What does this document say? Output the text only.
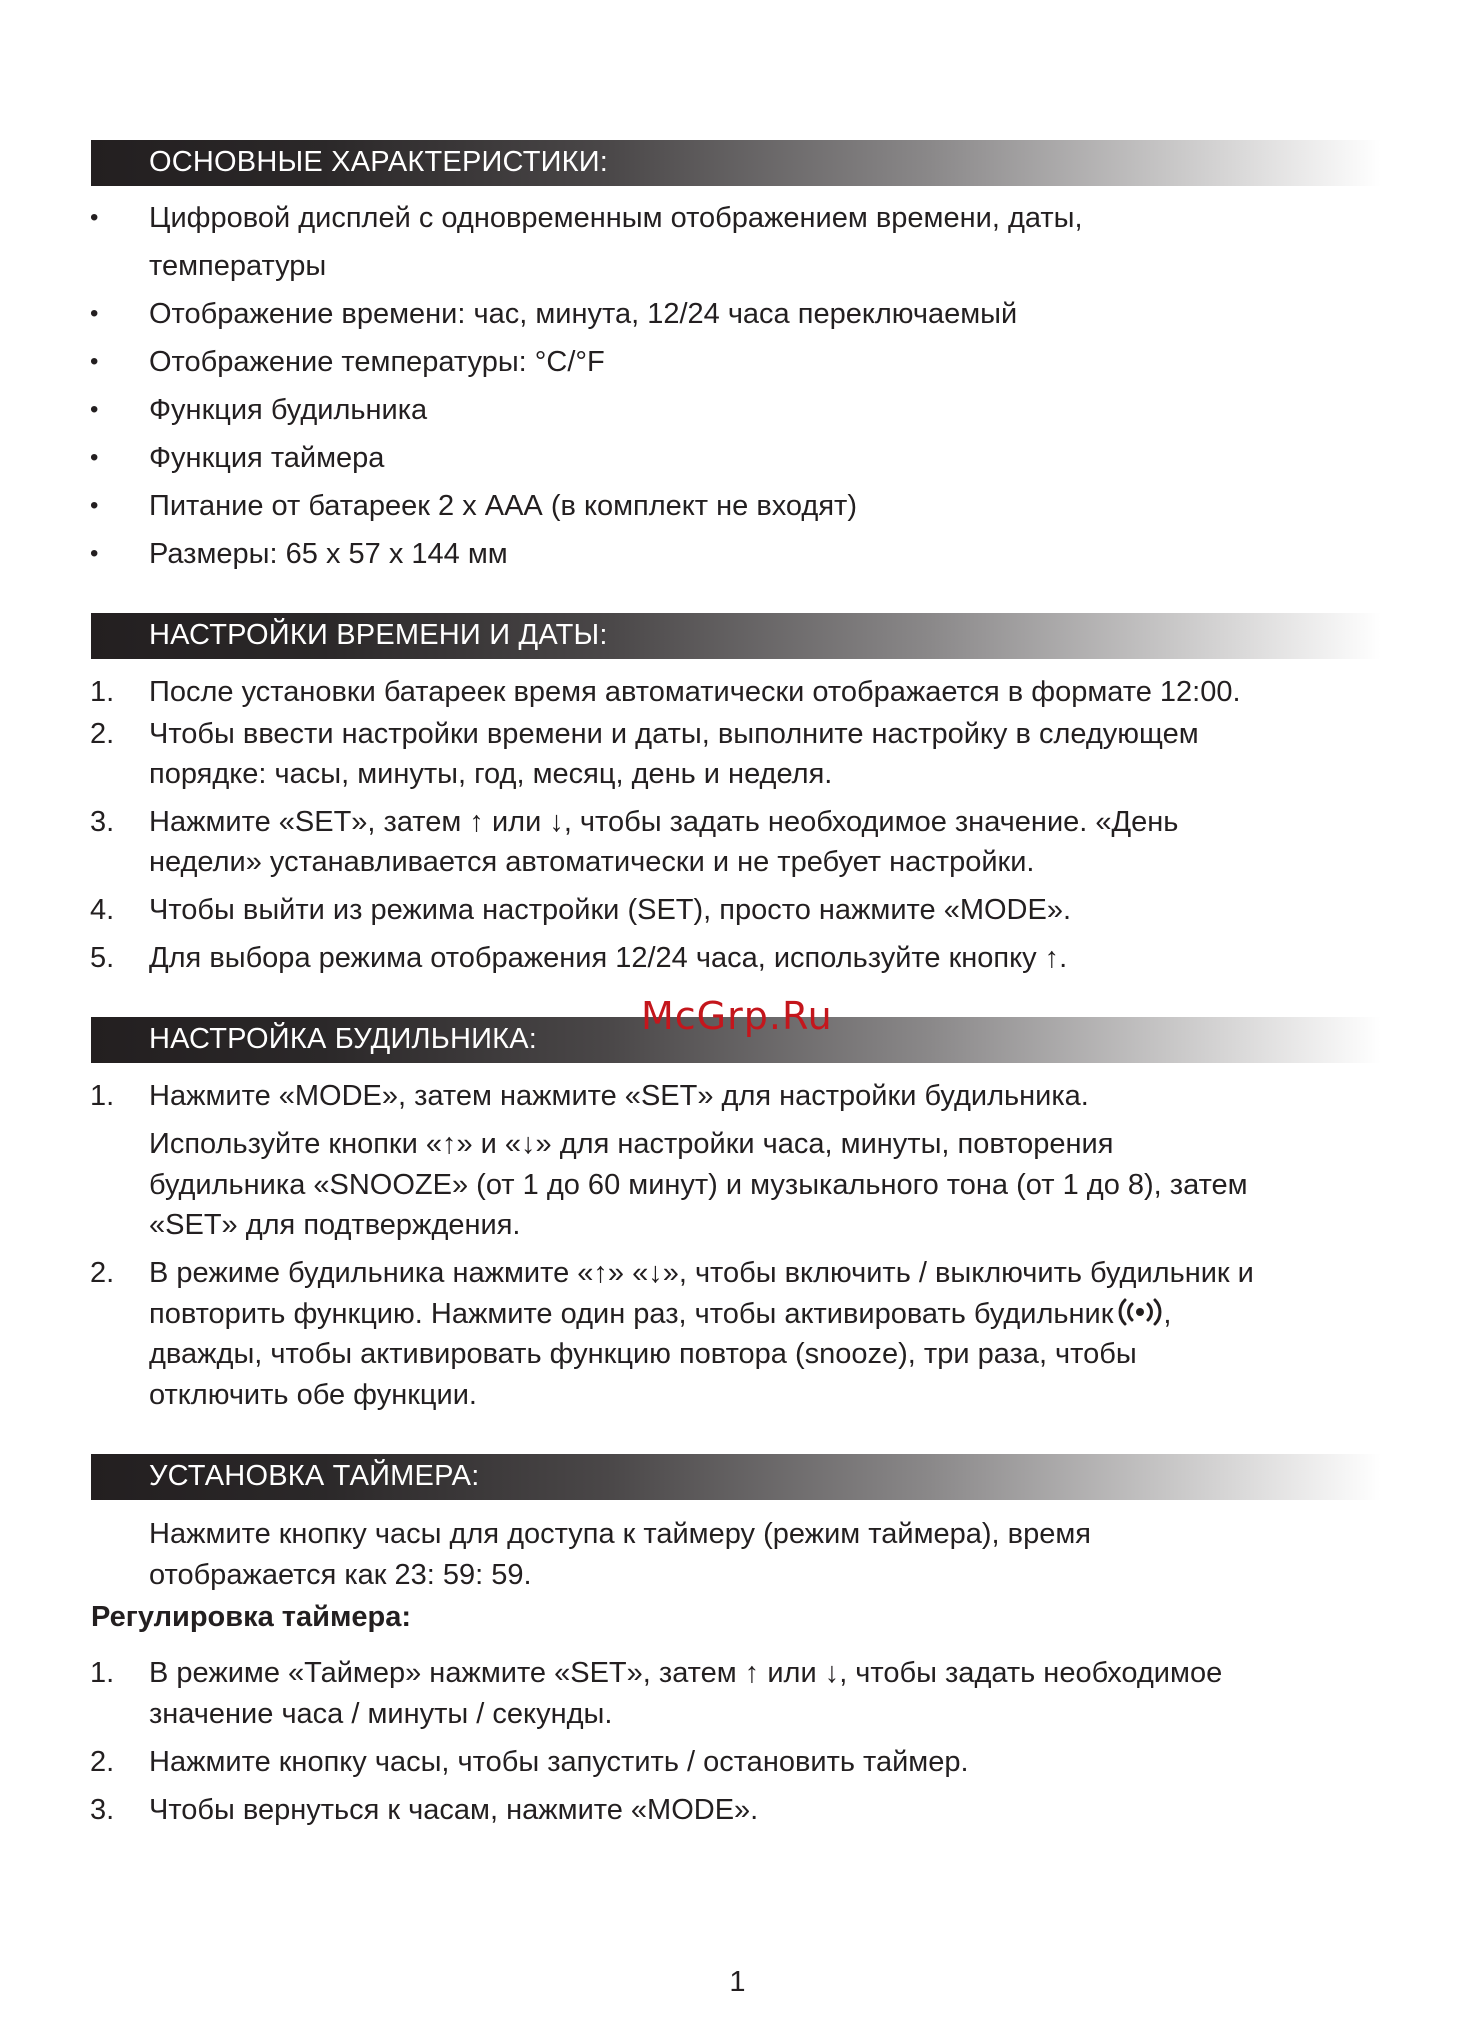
ОСНОВНЫЕ ХАРАКТЕРИСТИКИ:
• Цифровой дисплей с одновременным отображением времени, даты,
температуры
• Отображение времени: час, минута, 12/24 часа переключаемый
• Отображение температуры: °C/°F
• Функция будильника
• Функция таймера
• Питание от батареек 2 х ААА (в комплект не входят)
• Размеры: 65 х 57 х 144 мм
НАСТРОЙКИ ВРЕМЕНИ И ДАТЫ:
1. После установки батареек время автоматически отображается в формате 12:00.
2. Чтобы ввести настройки времени и даты, выполните настройку в следующем
порядке: часы, минуты, год, месяц, день и неделя.
3. Нажмите «SET», затем ↑ или ↓, чтобы задать необходимое значение. «День
недели» устанавливается автоматически и не требует настройки.
4. Чтобы выйти из режима настройки (SET), просто нажмите «MODE».
5. Для выбора режима отображения 12/24 часа, используйте кнопку ↑.
НАСТРОЙКА БУДИЛЬНИКА:
1. Нажмите «MODE», затем нажмите «SET» для настройки будильника.
Используйте кнопки «↑» и «↓» для настройки часа, минуты, повторения
будильника «SNOOZE» (от 1 до 60 минут) и музыкального тона (от 1 до 8), затем
«SET» для подтверждения.
2. В режиме будильника нажмите «↑» «↓», чтобы включить / выключить будильник и
повторить функцию. Нажмите один раз, чтобы активировать будильник ,
дважды, чтобы активировать функцию повтора (snooze), три раза, чтобы
отключить обе функции.
УСТАНОВКА ТАЙМЕРА:
Нажмите кнопку часы для доступа к таймеру (режим таймера), время
отображается как 23: 59: 59.
Регулировка таймера:
1. В режиме «Таймер» нажмите «SET», затем ↑ или ↓, чтобы задать необходимое
значение часа / минуты / секунды.
2. Нажмите кнопку часы, чтобы запустить / остановить таймер.
3. Чтобы вернуться к часам, нажмите «MODE».
McGrp.Ru
1
